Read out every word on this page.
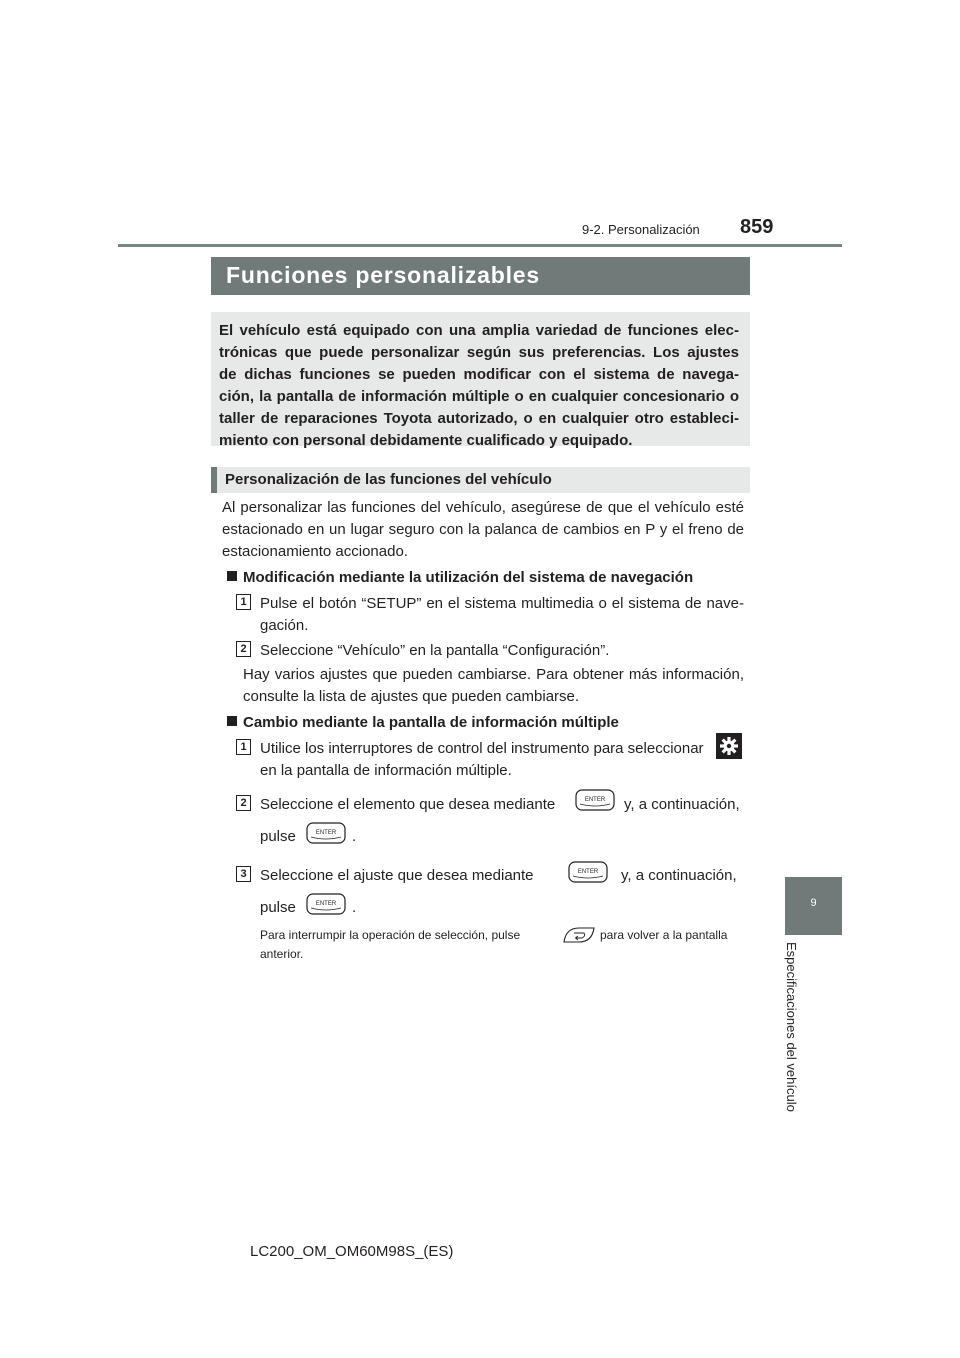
9-2. Personalización 859
Funciones personalizables
El vehículo está equipado con una amplia variedad de funciones elec-
trónicas que puede personalizar según sus preferencias. Los ajustes
de dichas funciones se pueden modificar con el sistema de navega-
ción, la pantalla de información múltiple o en cualquier concesionario o
taller de reparaciones Toyota autorizado, o en cualquier otro estableci-
miento con personal debidamente cualificado y equipado.
Personalización de las funciones del vehículo
Al personalizar las funciones del vehículo, asegúrese de que el vehículo esté
estacionado en un lugar seguro con la palanca de cambios en P y el freno de
estacionamiento accionado.
Modificación mediante la utilización del sistema de navegación
1 Pulse el botón “SETUP” en el sistema multimedia o el sistema de nave-
gación.
2 Seleccione “Vehículo” en la pantalla “Configuración”.
Hay varios ajustes que pueden cambiarse. Para obtener más información,
consulte la lista de ajustes que pueden cambiarse.
Cambio mediante la pantalla de información múltiple
1 Utilice los interruptores de control del instrumento para seleccionar
en la pantalla de información múltiple.
2 Seleccione el elemento que desea mediante	ENTER y, a continuación,
pulse	ENTER .
3 Seleccione el ajuste que desea mediante	ENTER y, a continuación,
pulse	ENTER .
Para interrumpir la operación de selección, pulse	para volver a la pantalla
anterior.
9
Especificaciones del vehículo
LC200_OM_OM60M98S_(ES)
